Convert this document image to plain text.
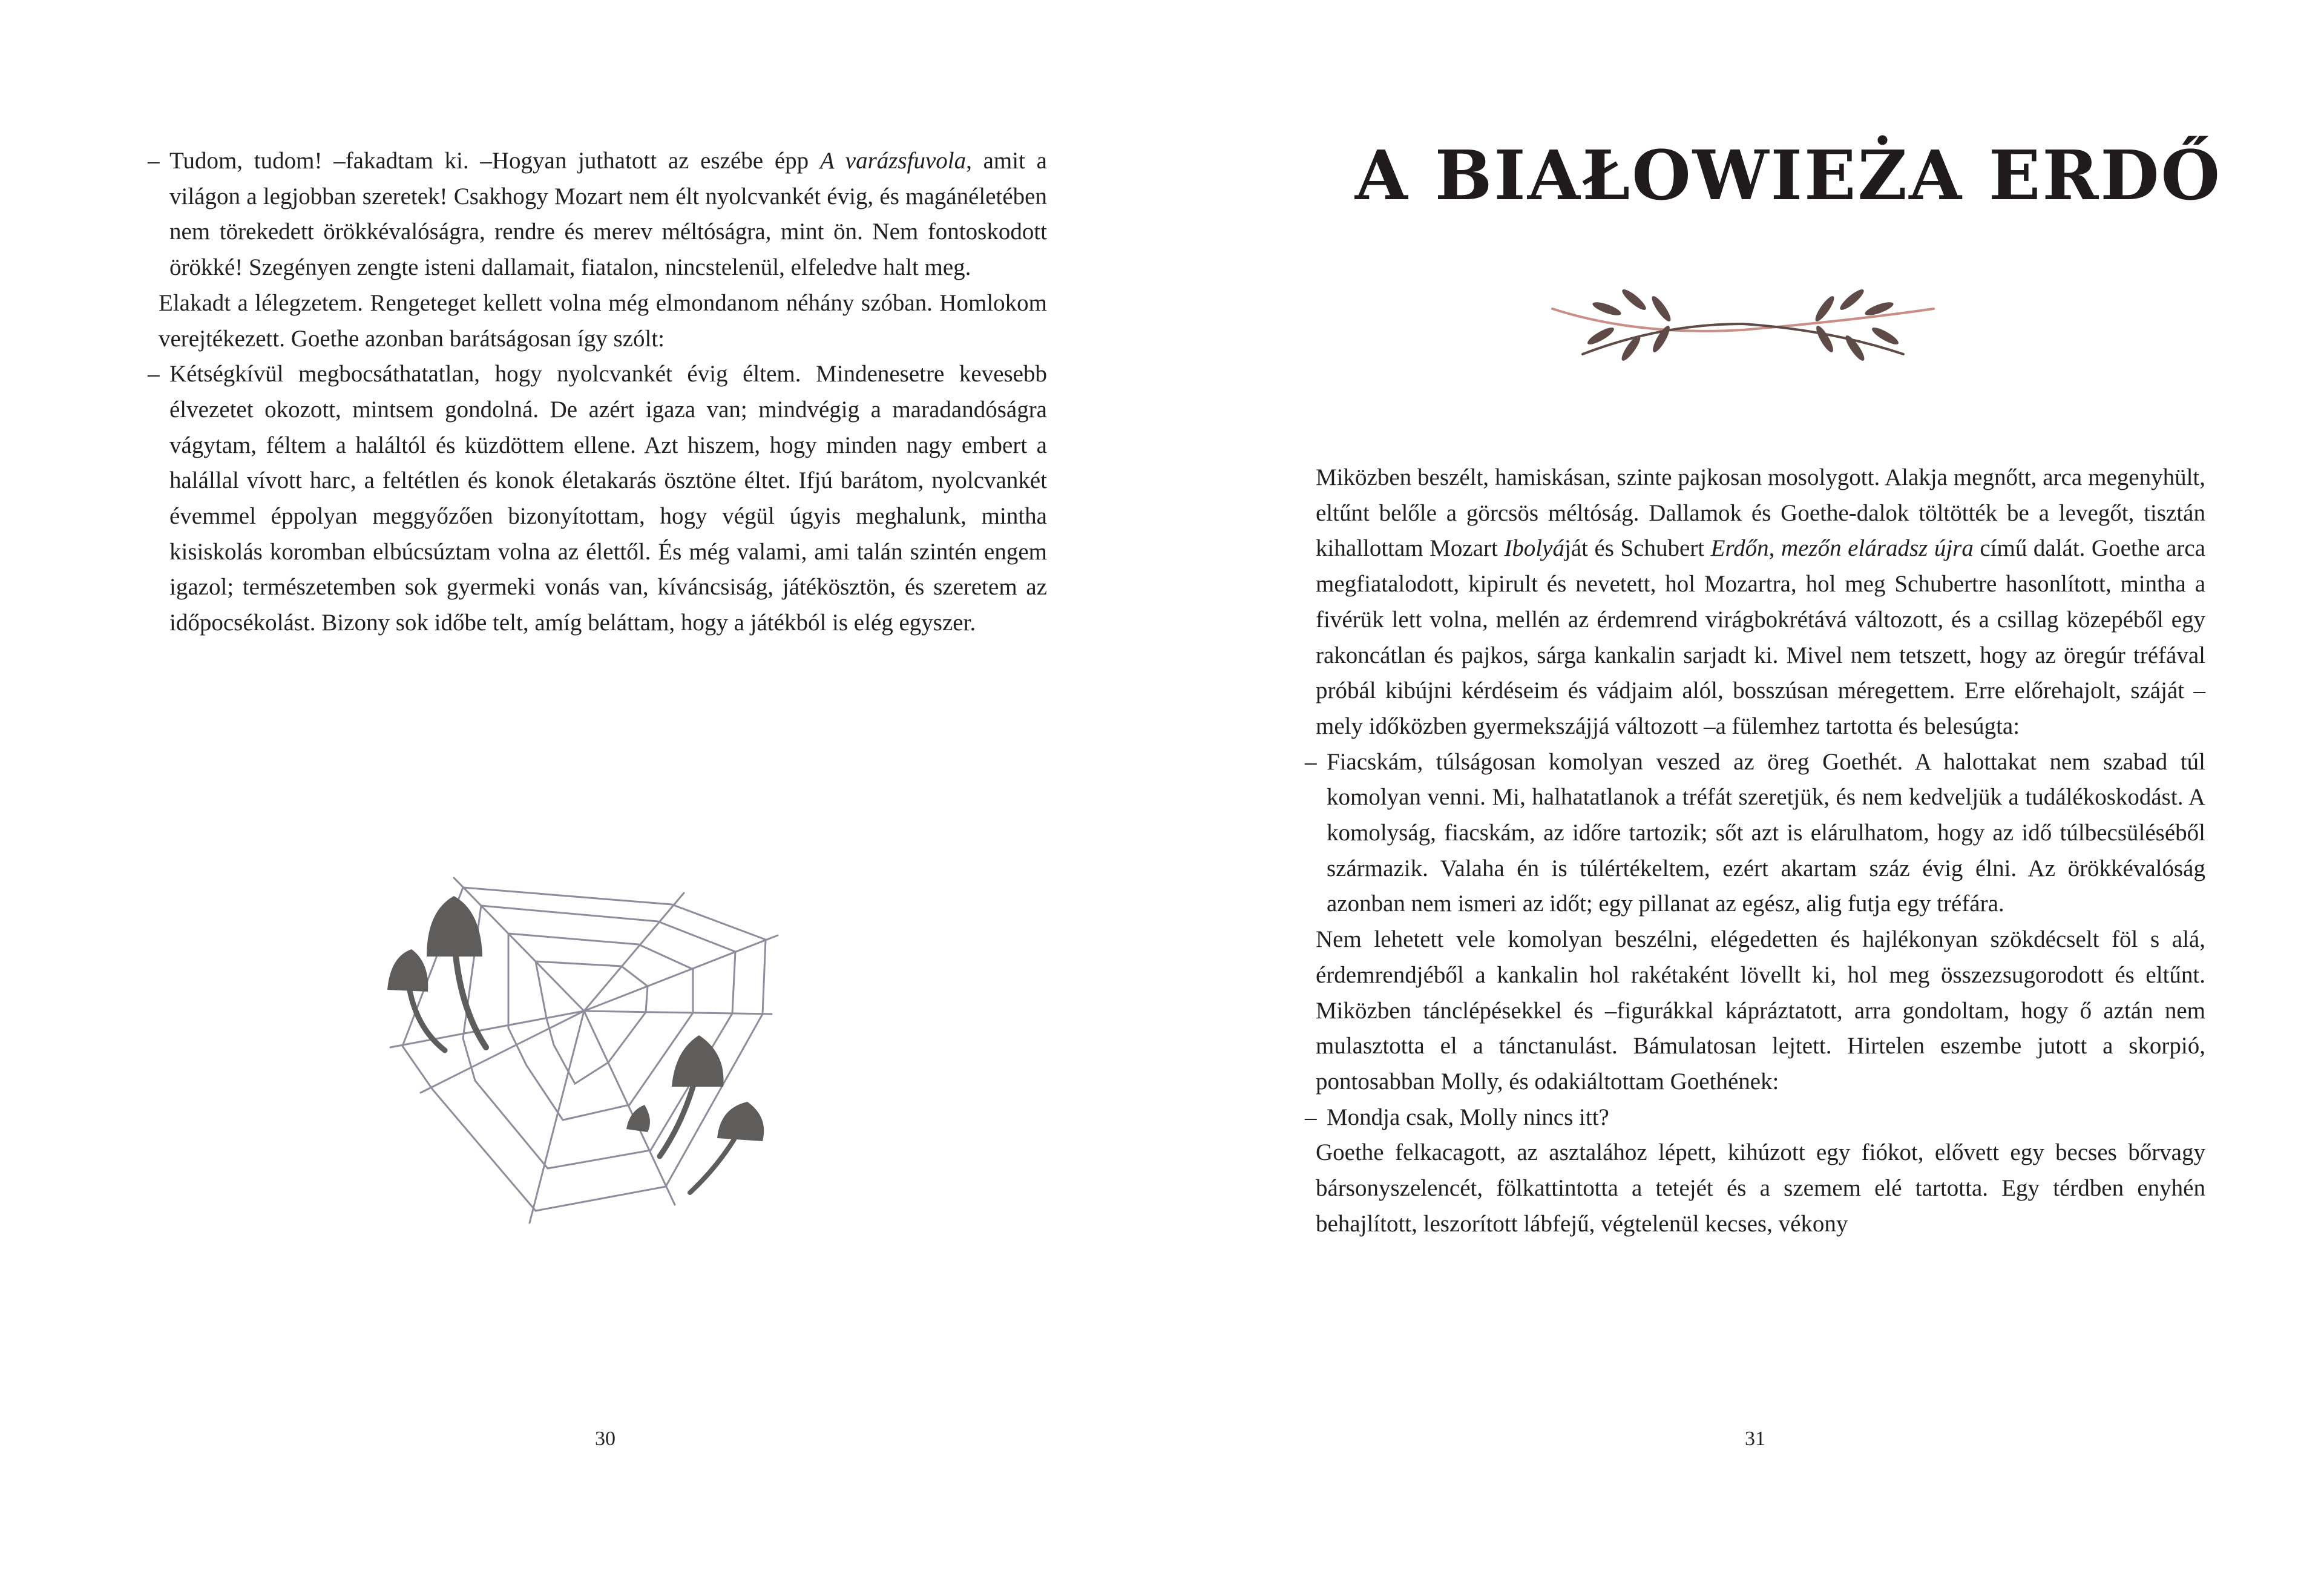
– Tudom, tudom! –fakadtam ki. –Hogyan juthatott az eszébe épp A varázsfuvola, amit a világon a legjobban szeretek! Csakhogy Mozart nem élt nyolcvankét évig, és magánéletében nem törekedett örökkévalóságra, rendre és merev méltóságra, mint ön. Nem fontoskodott örökké! Szegényen zengte isteni dallamait, fiatalon, nincstelenül, elfeledve halt meg.

Elakadt a lélegzetem. Rengeteget kellett volna még elmondanom néhány szóban. Homlokom verejtékezett. Goethe azonban barátságosan így szólt:

– Kétségkívül megbocsáthatatlan, hogy nyolcvankét évig éltem. Mindenesetre kevesebb élvezetet okozott, mintsem gondolná. De azért igaza van; mindvégig a maradandóságra vágytam, féltem a haláltól és küzdöttem ellene. Azt hiszem, hogy minden nagy embert a halállal vívott harc, a feltétlen és konok életakarás ösztöne éltet. Ifjú barátom, nyolcvankét évemmel éppolyan meggyőzően bizonyítottam, hogy végül úgyis meghalunk, mintha kisiskolás koromban elbúcsúztam volna az élettől. És még valami, ami talán szintén engem igazol; természetemben sok gyermeki vonás van, kíváncsiság, játékösztön, és szeretem az időpocsékolást. Bizony sok időbe telt, amíg beláttam, hogy a játékból is elég egyszer.

30
A BIAŁOWIEŻA ERDŐ

Miközben beszélt, hamiskásan, szinte pajkosan mosolygott. Alakja megnőtt, arca megenyhült, eltűnt belőle a görcsös méltóság. Dallamok és Goethe-dalok töltötték be a levegőt, tisztán kihallottam Mozart Ibolyáját és Schubert Erdőn, mezőn eláradsz újra című dalát. Goethe arca megfiatalodott, kipirult és nevetett, hol Mozartra, hol meg Schubertre hasonlított, mintha a fivérük lett volna, mellén az érdemrend virágbokrétává változott, és a csillag közepéből egy rakoncátlan és pajkos, sárga kankalin sarjadt ki. Mivel nem tetszett, hogy az öregúr tréfával próbál kibújni kérdéseim és vádjaim alól, bosszúsan méregettem. Erre előrehajolt, száját –mely időközben gyermekszájjá változott –a fülemhez tartotta és belesúgta:

– Fiacskám, túlságosan komolyan veszed az öreg Goethét. A halottakat nem szabad túl komolyan venni. Mi, halhatatlanok a tréfát szeretjük, és nem kedveljük a tudálékoskodást. A komolyság, fiacskám, az időre tartozik; sőt azt is elárulhatom, hogy az idő túlbecsüléséből származik. Valaha én is túlértékeltem, ezért akartam száz évig élni. Az örökkévalóság azonban nem ismeri az időt; egy pillanat az egész, alig futja egy tréfára.

Nem lehetett vele komolyan beszélni, elégedetten és hajlékonyan szökdécselt föl s alá, érdemrendjéből a kankalin hol rakétaként lövellt ki, hol meg összezsugorodott és eltűnt. Miközben tánclépésekkel és –figurákkal kápráztatott, arra gondoltam, hogy ő aztán nem mulasztotta el a tánctanulást. Bámulatosan lejtett. Hirtelen eszembe jutott a skorpió, pontosabban Molly, és odakiáltottam Goethének:

– Mondja csak, Molly nincs itt?

Goethe felkacagott, az asztalához lépett, kihúzott egy fiókot, elővett egy becses bőrvagy bársonyszelencét, fölkattintotta a tetejét és a szemem elé tartotta. Egy térdben enyhén behajlított, leszorított lábfejű, végtelenül kecses, vékony

31
